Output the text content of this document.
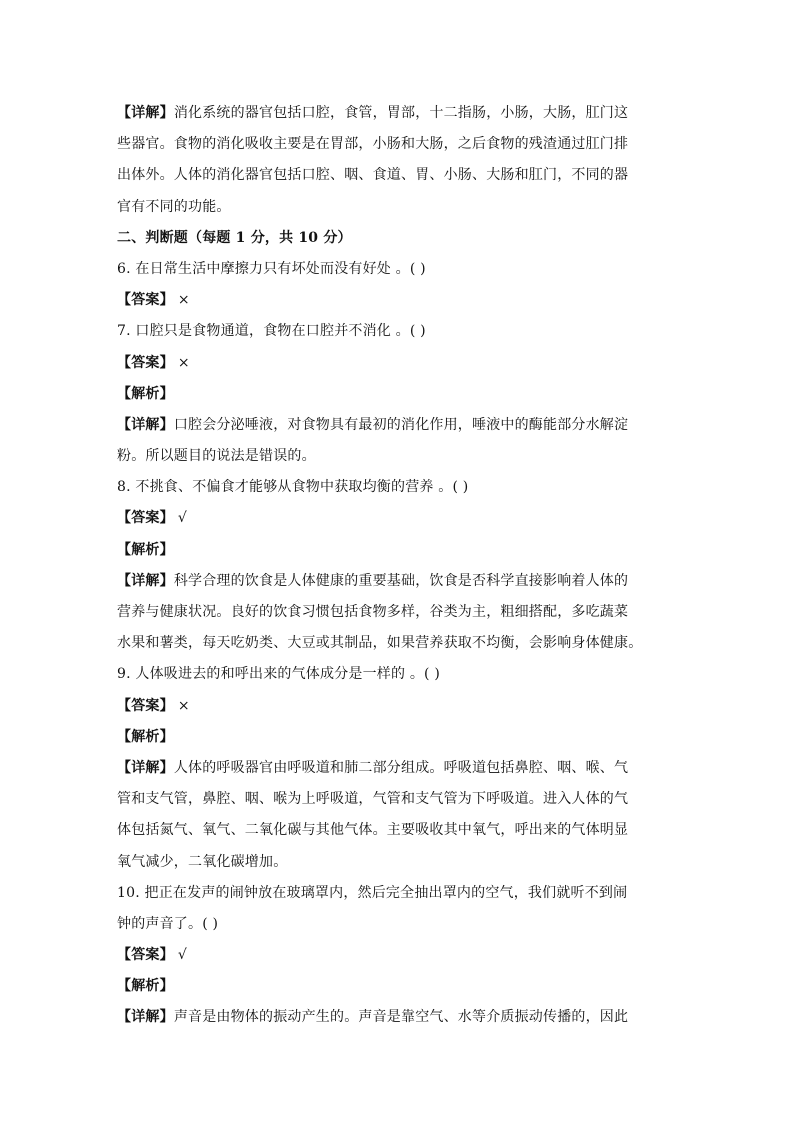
【详解】消化系统的器官包括口腔，食管，胃部，十二指肠，小肠，大肠，肛门这
些器官。食物的消化吸收主要是在胃部，小肠和大肠，之后食物的残渣通过肛门排
出体外。人体的消化器官包括口腔、咽、食道、胃、小肠、大肠和肛门，不同的器
官有不同的功能。
二、判断题（每题 1 分，共 10 分）
6. 在日常生活中摩擦力只有坏处而没有好处 。( )
【答案】 ×
7. 口腔只是食物通道，食物在口腔并不消化 。( )
【答案】 ×
【解析】
【详解】口腔会分泌唾液，对食物具有最初的消化作用，唾液中的酶能部分水解淀
粉。所以题目的说法是错误的。
8. 不挑食、不偏食才能够从食物中获取均衡的营养 。( )
【答案】 √
【解析】
【详解】科学合理的饮食是人体健康的重要基础，饮食是否科学直接影响着人体的
营养与健康状况。良好的饮食习惯包括食物多样，谷类为主，粗细搭配，多吃蔬菜
水果和薯类，每天吃奶类、大豆或其制品，如果营养获取不均衡，会影响身体健康。
9. 人体吸进去的和呼出来的气体成分是一样的 。( )
【答案】 ×
【解析】
【详解】人体的呼吸器官由呼吸道和肺二部分组成。呼吸道包括鼻腔、咽、喉、气
管和支气管，鼻腔、咽、喉为上呼吸道，气管和支气管为下呼吸道。进入人体的气
体包括氮气、氧气、二氧化碳与其他气体。主要吸收其中氧气，呼出来的气体明显
氧气减少，二氧化碳增加。
10. 把正在发声的闹钟放在玻璃罩内，然后完全抽出罩内的空气，我们就听不到闹
钟的声音了。( )
【答案】 √
【解析】
【详解】声音是由物体的振动产生的。声音是靠空气、水等介质振动传播的，因此
